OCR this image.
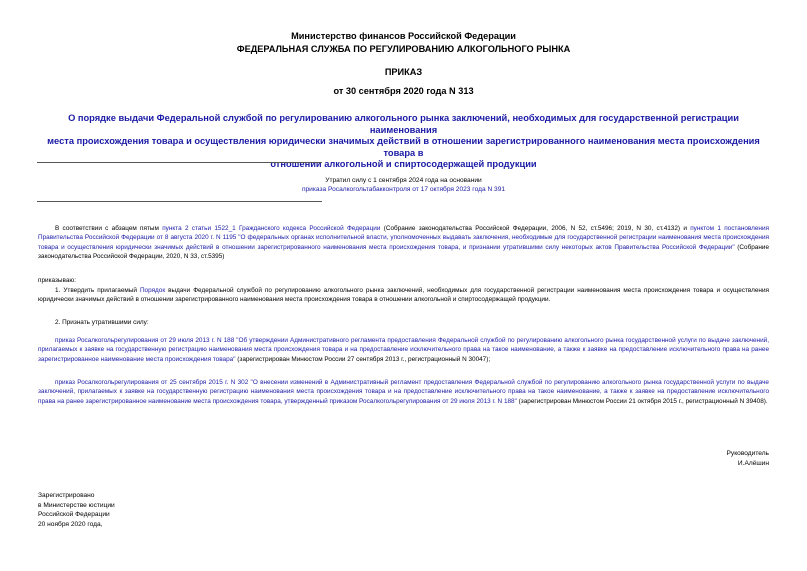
Министерство финансов Российской Федерации
ФЕДЕРАЛЬНАЯ СЛУЖБА ПО РЕГУЛИРОВАНИЮ АЛКОГОЛЬНОГО РЫНКА
ПРИКАЗ
от 30 сентября 2020 года N 313
О порядке выдачи Федеральной службой по регулированию алкогольного рынка заключений, необходимых для государственной регистрации наименования
места происхождения товара и осуществления юридически значимых действий в отношении зарегистрированного наименования места происхождения товара в
отношении алкогольной и спиртосодержащей продукции
Утратил силу с 1 сентября 2024 года на основании
приказа Росалкогольтабакконтроля от 17 октября 2023 года N 391
В соответствии с абзацем пятым пункта 2 статьи 1522_1 Гражданского кодекса Российской Федерации (Собрание законодательства Российской Федерации, 2006, N 52, ст.5496; 2019, N 30, ст.4132) и пунктом 1 постановления Правительства Российской Федерации от 8 августа 2020 г. N 1195 "О федеральных органах исполнительной власти, уполномоченных выдавать заключения, необходимые для государственной регистрации наименования места происхождения товара и осуществления юридически значимых действий в отношении зарегистрированного наименования места происхождения товара, и признании утратившими силу некоторых актов Правительства Российской Федерации" (Собрание законодательства Российской Федерации, 2020, N 33, ст.5395)
приказываю:
1. Утвердить прилагаемый Порядок выдачи Федеральной службой по регулированию алкогольного рынка заключений, необходимых для государственной регистрации наименования места происхождения товара и осуществления юридически значимых действий в отношении зарегистрированного наименования места происхождения товара в отношении алкогольной и спиртосодержащей продукции.
2. Признать утратившими силу:
приказ Росалкогольрегулирования от 29 июля 2013 г. N 188 "Об утверждении Административного регламента предоставления Федеральной службой по регулированию алкогольного рынка государственной услуги по выдаче заключений, прилагаемых к заявке на государственную регистрацию наименования места происхождения товара и на предоставление исключительного права на такое наименование, а также к заявке на предоставление исключительного права на ранее зарегистрированное наименование места происхождения товара" (зарегистрирован Минюстом России 27 сентября 2013 г., регистрационный N 30047);
приказ Росалкогольрегулирования от 25 сентября 2015 г. N 302 "О внесении изменений в Административный регламент предоставления Федеральной службой по регулированию алкогольного рынка государственной услуги по выдаче заключений, прилагаемых к заявке на государственную регистрацию наименования места происхождения товара и на предоставление исключительного права на такое наименование, а также к заявке на предоставление исключительного права на ранее зарегистрированное наименование места происхождения товара, утвержденный приказом Росалкогольрегулирования от 29 июля 2013 г. N 188" (зарегистрирован Минюстом России 21 октября 2015 г., регистрационный N 39408).
Руководитель
И.Алёшин
Зарегистрировано
в Министерстве юстиции
Российской Федерации
20 ноября 2020 года,
